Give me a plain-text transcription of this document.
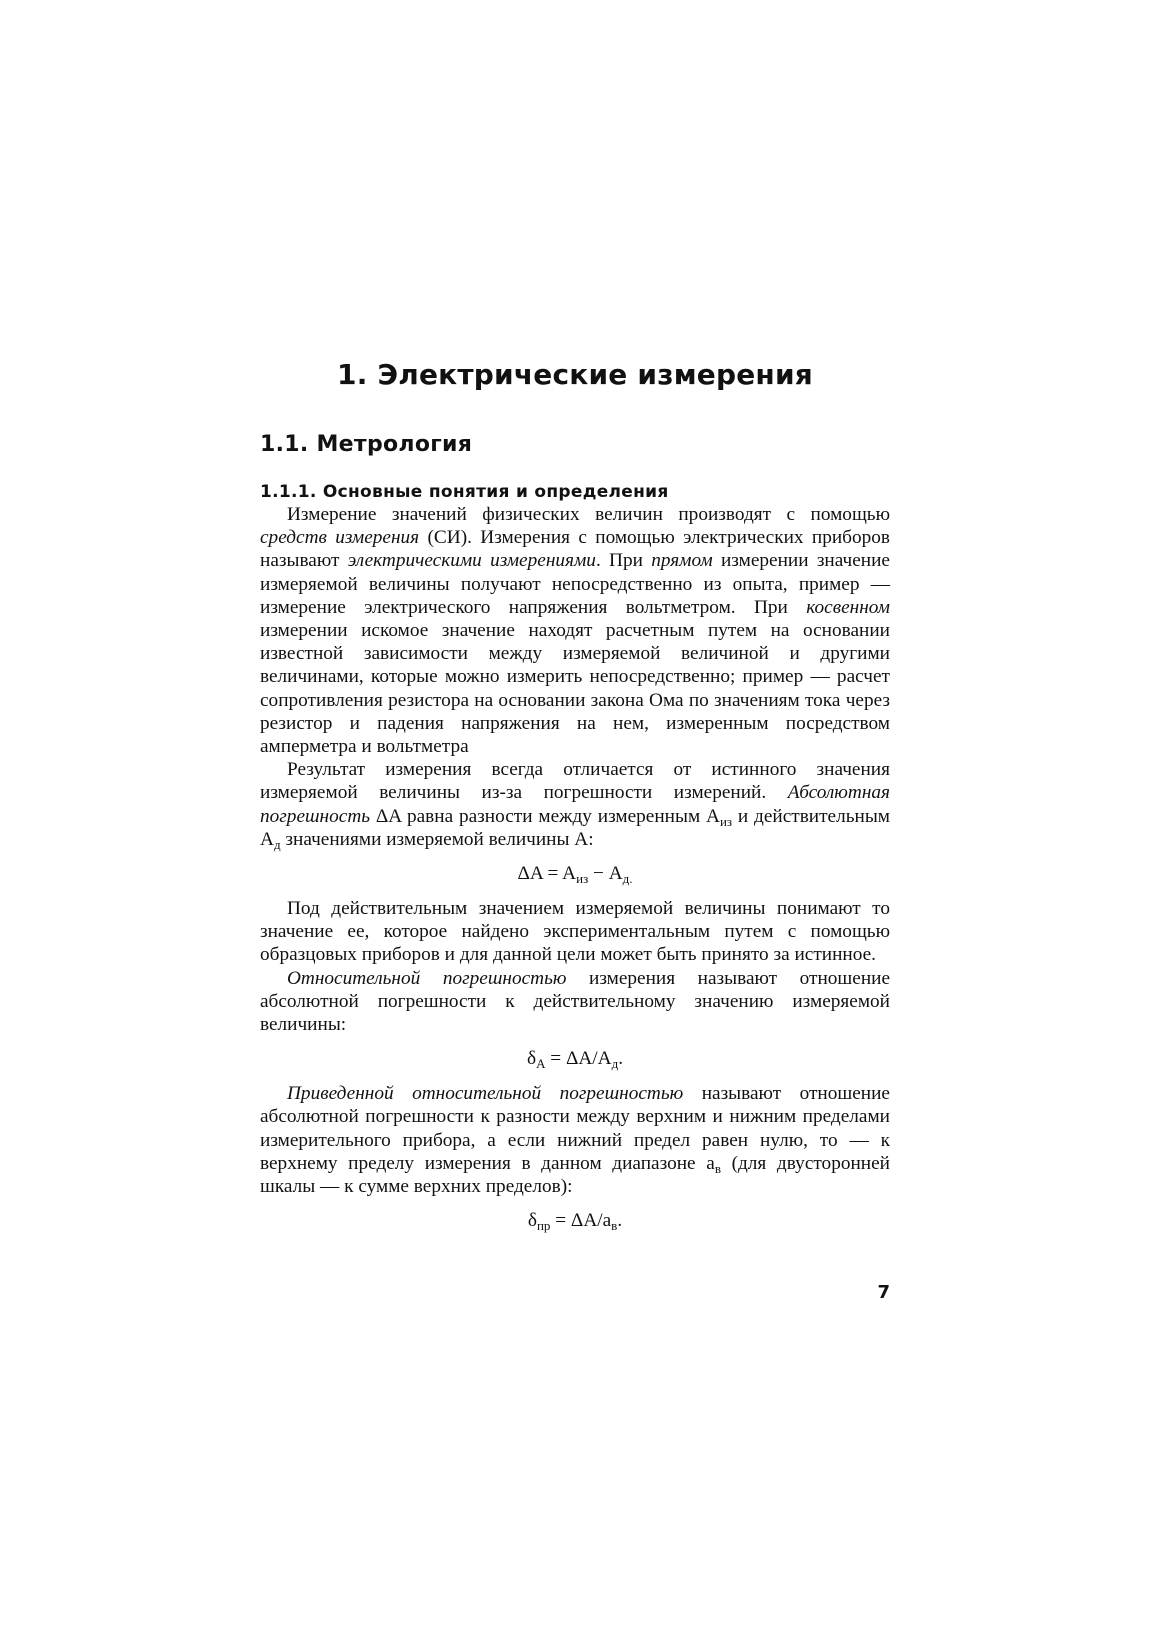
1. Электрические измерения
1.1. Метрология
1.1.1. Основные понятия и определения

Измерение значений физических величин производят с помощью средств измерения (СИ). Измерения с помощью электрических приборов называют электрическими измерениями. При прямом измерении значение измеряемой величины получают непосредственно из опыта, пример — измерение электрического напряжения вольтметром. При косвенном измерении искомое значение находят расчетным путем на основании известной зависимости между измеряемой величиной и другими величинами, которые можно измерить непосредственно; пример — расчет сопротивления резистора на основании закона Ома по значениям тока через резистор и падения напряжения на нем, измеренным посредством амперметра и вольтметра

Результат измерения всегда отличается от истинного значения измеряемой величины из-за погрешности измерений. Абсолютная погрешность ΔA равна разности между измеренным $A_{из}$ и действительным $A_д$ значениями измеряемой величины A:

$\Delta A = A_{из} - A_{д.}$

Под действительным значением измеряемой величины понимают то значение ее, которое найдено экспериментальным путем с помощью образцовых приборов и для данной цели может быть принято за истинное.

Относительной погрешностью измерения называют отношение абсолютной погрешности к действительному значению измеряемой величины:

$\delta_A = \Delta A/A_д$.

Приведенной относительной погрешностью называют отношение абсолютной погрешности к разности между верхним и нижним пределами измерительного прибора, а если нижний предел равен нулю, то — к верхнему пределу измерения в данном диапазоне $a_в$ (для двусторонней шкалы — к сумме верхних пределов):

$\delta_{пр} = \Delta A/a_в$.

7
